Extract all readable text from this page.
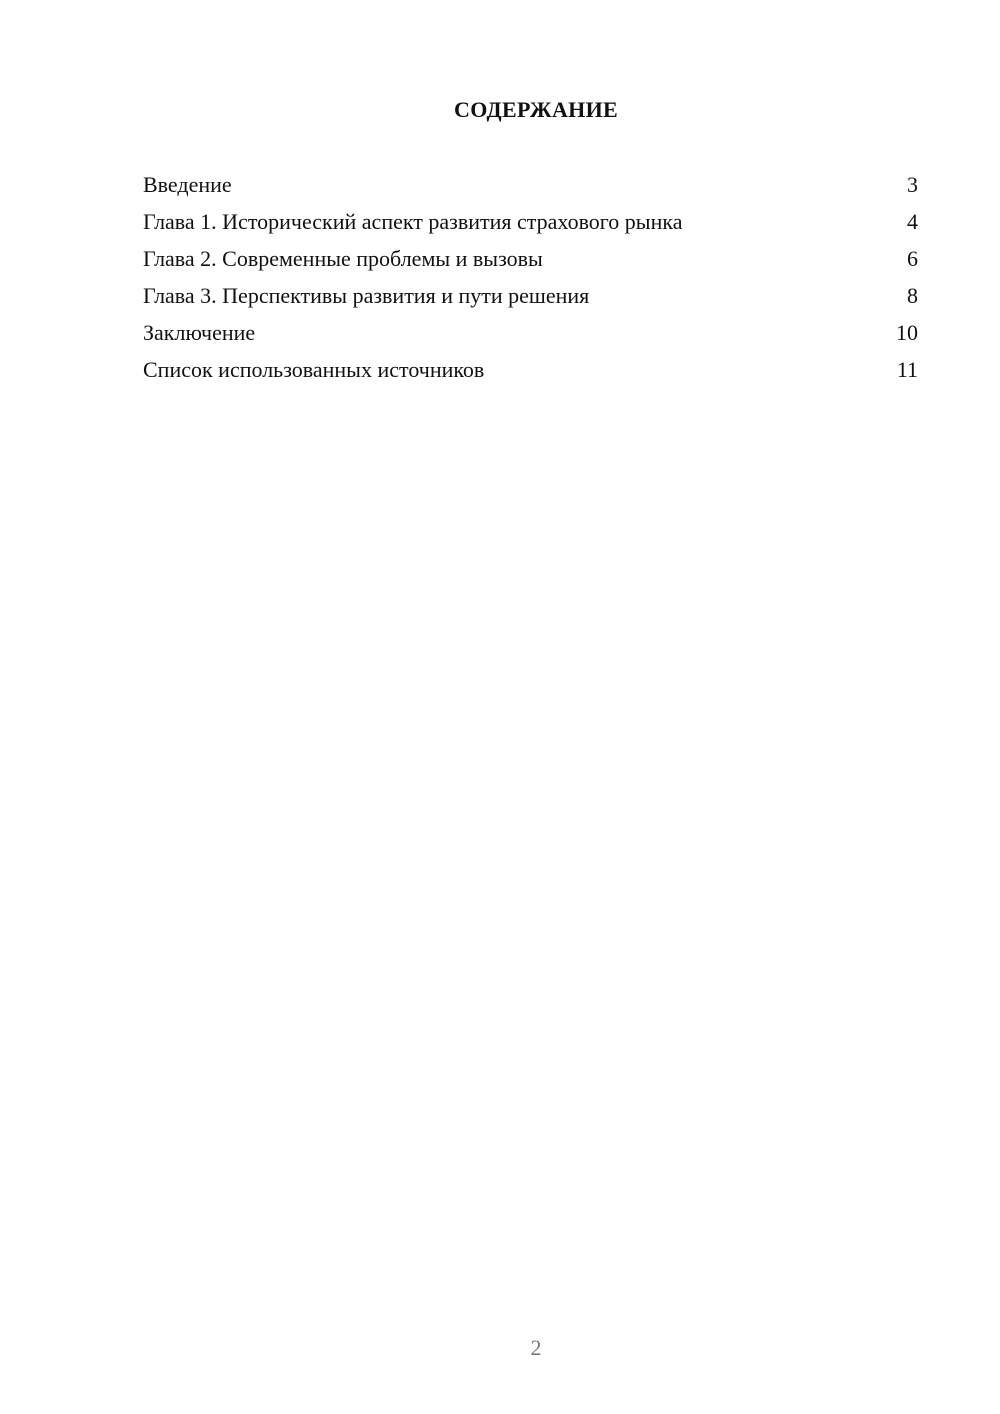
СОДЕРЖАНИЕ
Введение	3
Глава 1. Исторический аспект развития страхового рынка	4
Глава 2. Современные проблемы и вызовы	6
Глава 3. Перспективы развития и пути решения	8
Заключение	10
Список использованных источников	11
2
